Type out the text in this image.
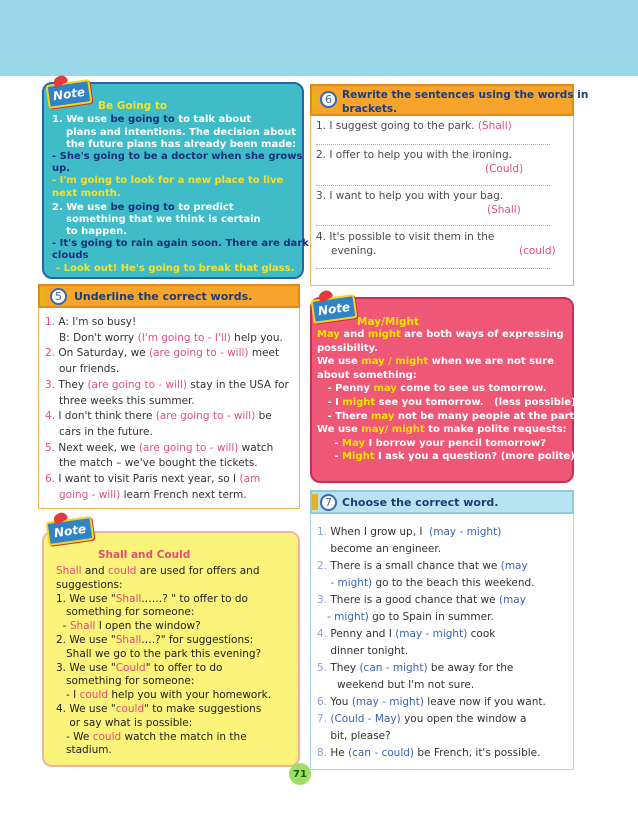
1. We use be going to to talk about
plans and intentions. The decision about
the future plans has already been made:
- She's going to be a doctor when she grows
up.
- I'm going to look for a new place to live
next month.
2. We use be going to to predict
something that we think is certain
to happen.
- It's going to rain again soon. There are dark
clouds
- Look out! He's going to break that glass.
Note
Be Going to
5	Underline the correct words.
1. A: I'm so busy!
B: Don't worry (I'm going to - I'll) help you.
2. On Saturday, we (are going to - will) meet
our friends.
3. They (are going to - will) stay in the USA for
three weeks this summer.
4. I don't think there (are going to - will) be
cars in the future.
5. Next week, we (are going to - will) watch
the match – we've bought the tickets.
6. I want to visit Paris next year, so I (am
going - will) learn French next term.
Shall and could are used for offers and
suggestions:
1. We use "Shall……? " to offer to do
something for someone:
- Shall I open the window?
2. We use "Shall….?" for suggestions:
Shall we go to the park this evening?
3. We use "Could" to offer to do
something for someone:
- I could help you with your homework.
4. We use "could" to make suggestions
or say what is possible:
- We could watch the match in the
stadium.
Note
Shall and Could
6 Rewrite the sentences using the words in
brackets.
1. I suggest going to the park. (Shall)
2. I offer to help you with the ironing.
(Could)
3. I want to help you with your bag.
(Shall)
4. It's possible to visit them in the
evening.	(could)
May and might are both ways of expressing
possibility.
We use may / might when we are not sure
about something:
- Penny may come to see us tomorrow.
- I might see you tomorrow.   (less possible)
- There may not be many people at the party.
We use may/ might to make polite requests:
- May I borrow your pencil tomorrow?
- Might I ask you a question? (more polite)
Note
May/Might
7 Choose the correct word.
1. When I grow up, I  (may - might)
become an engineer.
2. There is a small chance that we (may
- might) go to the beach this weekend.
3. There is a good chance that we (may
- might) go to Spain in summer.
4. Penny and I (may - might) cook
dinner tonight.
5. They (can - might) be away for the
weekend but I'm not sure.
6. You (may - might) leave now if you want.
7. (Could - May) you open the window a
bit, please?
8. He (can - could) be French, it's possible.
71
